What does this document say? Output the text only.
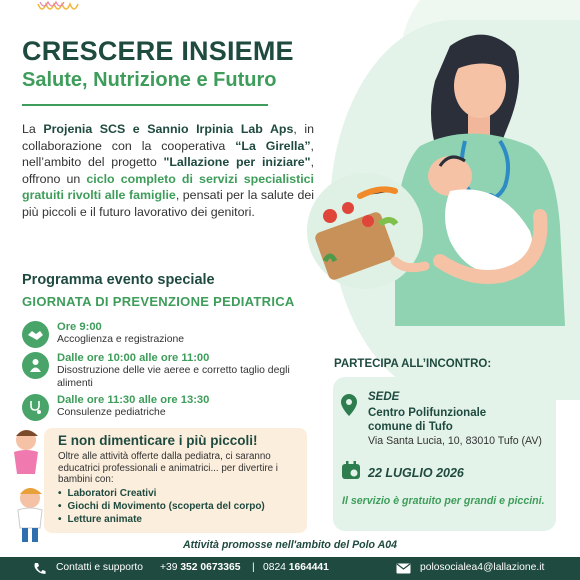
CRESCERE INSIEME
Salute, Nutrizione e Futuro
La Projenia SCS e Sannio Irpinia Lab Aps, in collaborazione con la cooperativa “La Girella”, nell’ambito del progetto "Lallazione per iniziare", offrono un ciclo completo di servizi specialistici gratuiti rivolti alle famiglie, pensati per la salute dei più piccoli e il futuro lavorativo dei genitori.
Programma evento speciale
GIORNATA DI PREVENZIONE PEDIATRICA
Ore 9:00
Accoglienza e registrazione
Dalle ore 10:00 alle ore 11:00
Disostruzione delle vie aeree e corretto taglio degli alimenti
Dalle ore 11:30 alle ore 13:30
Consulenze pediatriche
E non dimenticare i più piccoli!
Oltre alle attività offerte dalla pediatra, ci saranno educatrici professionali e animatrici... per divertire i bambini con:
• Laboratori Creativi
• Giochi di Movimento (scoperta del corpo)
• Letture animate
PARTECIPA ALL’INCONTRO:
SEDE
Centro Polifunzionale
comune di Tufo
Via Santa Lucia, 10, 83010 Tufo (AV)
22 LUGLIO 2026
Il servizio è gratuito per grandi e piccini.
Attività promosse nell'ambito del Polo A04
Contatti e supporto +39 352 0673365 | 0824 1664441	polosocialea4@lallazione.it
